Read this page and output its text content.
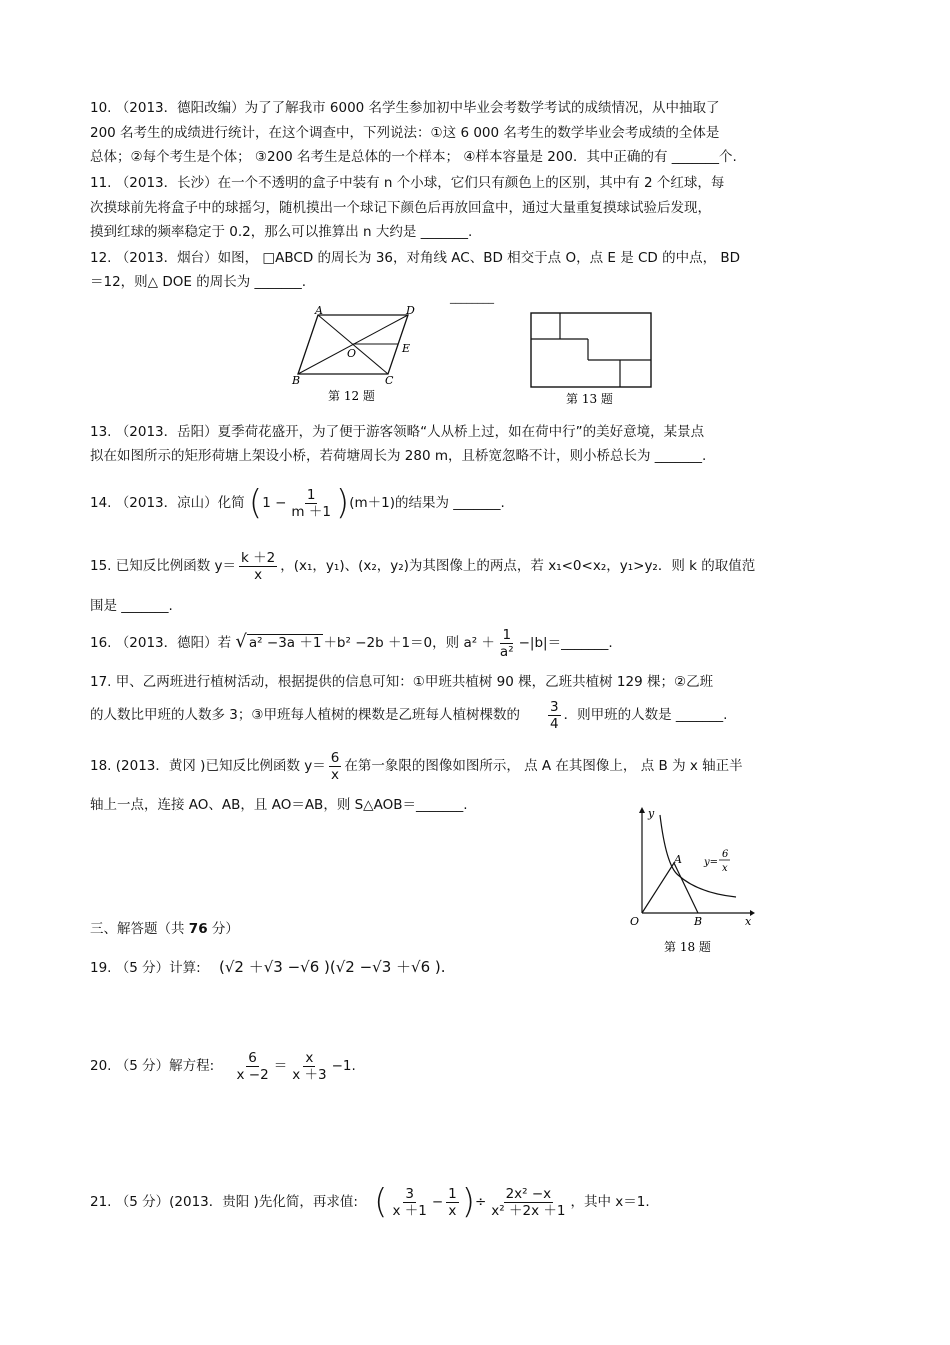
10. （2013．德阳改编）为了了解我市 6000 名学生参加初中毕业会考数学考试的成绩情况，从中抽取了
200 名考生的成绩进行统计，在这个调查中，下列说法：①这 6 000 名考生的数学毕业会考成绩的全体是
总体；②每个考生是个体； ③200 名考生是总体的一个样本； ④样本容量是 200．其中正确的有 _______个.
11. （2013．长沙）在一个不透明的盒子中装有 n 个小球，它们只有颜色上的区别，其中有 2 个红球，每
次摸球前先将盒子中的球摇匀，随机摸出一个球记下颜色后再放回盒中，通过大量重复摸球试验后发现，
摸到红球的频率稳定于 0.2，那么可以推算出 n 大约是 _______.
12. （2013．烟台）如图， □ABCD 的周长为 36，对角线 AC、BD 相交于点 O，点 E 是 CD 的中点， BD
＝12，则△ DOE 的周长为 _______.
________
A	D
B	C
E
O
第 12 题	第 13 题
13. （2013．岳阳）夏季荷花盛开，为了便于游客领略“人从桥上过，如在荷中行”的美好意境，某景点
拟在如图所示的矩形荷塘上架设小桥，若荷塘周长为 280 m，且桥宽忽略不计，则小桥总长为 _______.
14. （2013．凉山）化简 $(1 - \frac{1}{m +1} )(m+1)$的结果为 _______.
15. 已知反比例函数 $y= \frac{k +2}{x}$ ，(x₁，y₁)、(x₂，y₂)为其图像上的两点，若 x₁<0<x₂，y₁>y₂．则 k 的取值范
围是 _______.
16. （2013．德阳）若 √ a² −3a ＋1 ＋b² −2b ＋1＝0，则 $a^2 + \frac{1}{\text{a²}}$ −|b|＝_______.
17. 甲、乙两班进行植树活动，根据提供的信息可知：①甲班共植树 90 棵，乙班共植树 129 棵；②乙班
的人数比甲班的人数多 3；③甲班每人植树的棵数是乙班每人植树棵数的 $\frac{3}{4}$ ．则甲班的人数是 _______.
18. (2013．黄冈 )已知反比例函数 $y= \frac{6}{x}$ 在第一象限的图像如图所示， 点 A 在其图像上， 点 B 为 x 轴正半
轴上一点，连接 AO、AB，且 AO＝AB，则 S△AOB＝_______.
y
x
O
A
B
y=
6
x
第 18 题
三、解答题（共 76 分）
19. （5 分）计算: (√2 ＋√3 −√6 )(√2 −√3 ＋√6 ).
20. （5 分）解方程: $\frac{6}{x -2} = \frac{x}{x +3} -1$.
21. （5 分）(2013．贵阳 )先化简，再求值: ( $\frac{3}{x +1} - \frac{1}{x}$ )÷ $\frac{\text{2x² −x}}{\text{x² ＋2x ＋1}}$ ，其中 x＝1.
